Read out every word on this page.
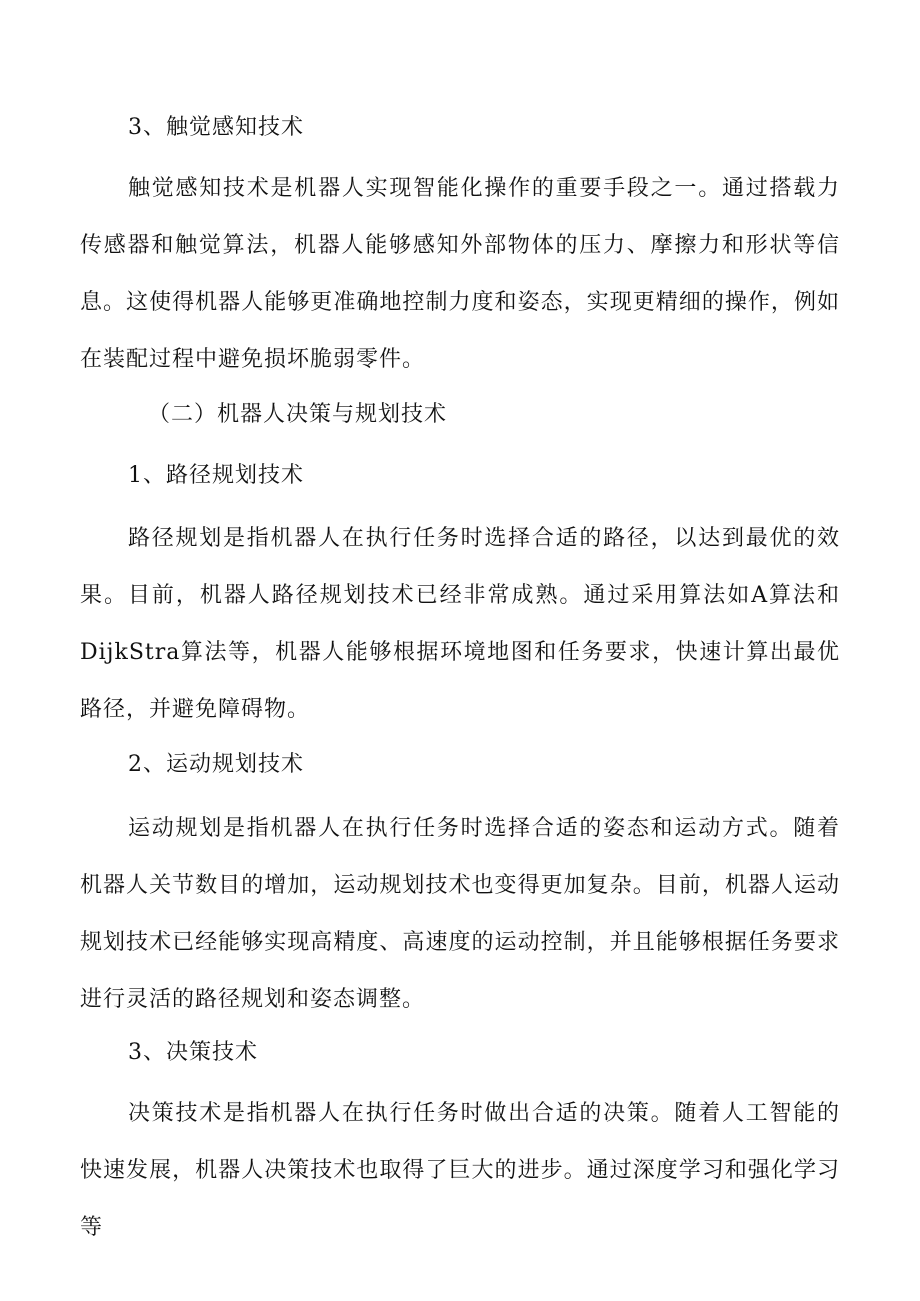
3、触觉感知技术
触觉感知技术是机器人实现智能化操作的重要手段之一。通过搭载力传感器和触觉算法，机器人能够感知外部物体的压力、摩擦力和形状等信息。这使得机器人能够更准确地控制力度和姿态，实现更精细的操作，例如在装配过程中避免损坏脆弱零件。
（二）机器人决策与规划技术
1、路径规划技术
路径规划是指机器人在执行任务时选择合适的路径，以达到最优的效果。目前，机器人路径规划技术已经非常成熟。通过采用算法如A算法和DijkStra算法等，机器人能够根据环境地图和任务要求，快速计算出最优路径，并避免障碍物。
2、运动规划技术
运动规划是指机器人在执行任务时选择合适的姿态和运动方式。随着机器人关节数目的增加，运动规划技术也变得更加复杂。目前，机器人运动规划技术已经能够实现高精度、高速度的运动控制，并且能够根据任务要求进行灵活的路径规划和姿态调整。
3、决策技术
决策技术是指机器人在执行任务时做出合适的决策。随着人工智能的快速发展，机器人决策技术也取得了巨大的进步。通过深度学习和强化学习等
